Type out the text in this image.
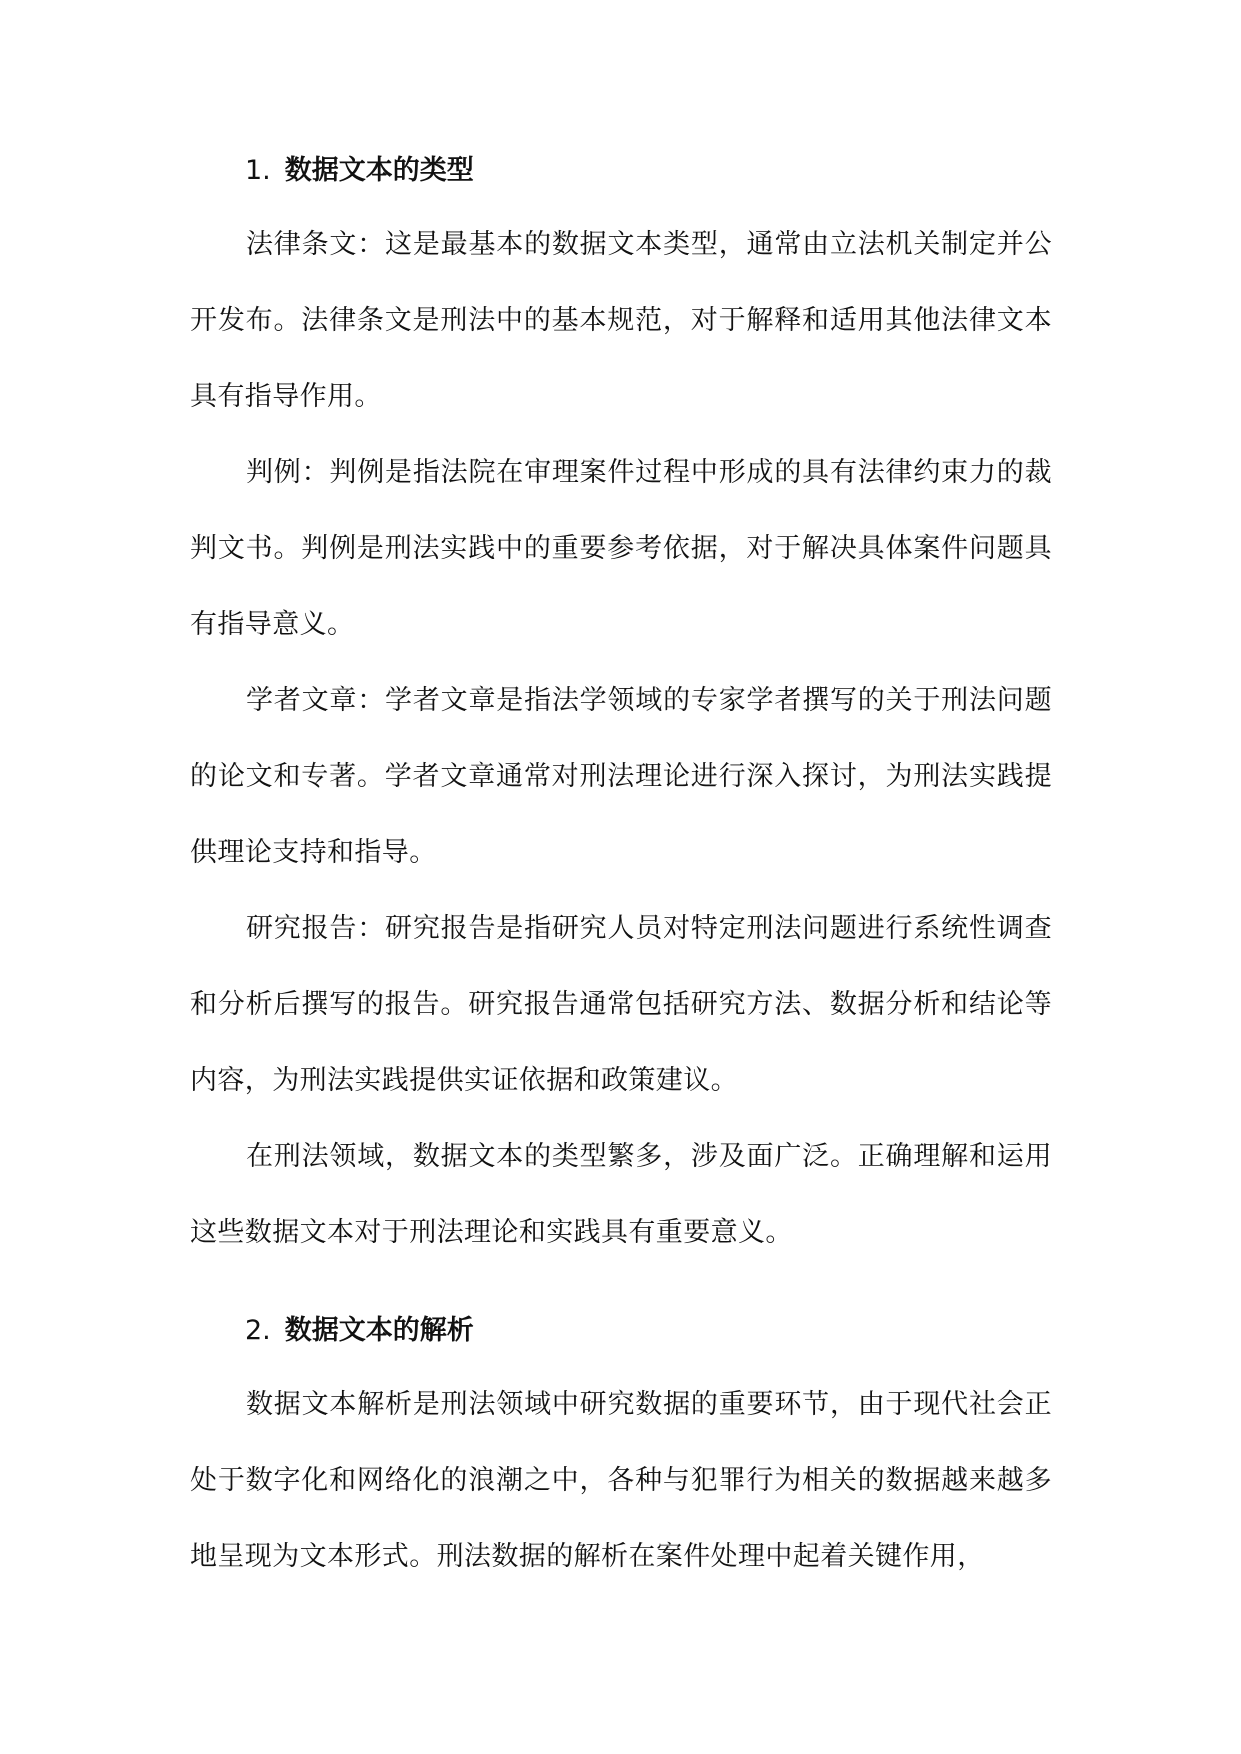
1. 数据文本的类型

法律条文：这是最基本的数据文本类型，通常由立法机关制定并公开发布。法律条文是刑法中的基本规范，对于解释和适用其他法律文本具有指导作用。

判例：判例是指法院在审理案件过程中形成的具有法律约束力的裁判文书。判例是刑法实践中的重要参考依据，对于解决具体案件问题具有指导意义。

学者文章：学者文章是指法学领域的专家学者撰写的关于刑法问题的论文和专著。学者文章通常对刑法理论进行深入探讨，为刑法实践提供理论支持和指导。

研究报告：研究报告是指研究人员对特定刑法问题进行系统性调查和分析后撰写的报告。研究报告通常包括研究方法、数据分析和结论等内容，为刑法实践提供实证依据和政策建议。

在刑法领域，数据文本的类型繁多，涉及面广泛。正确理解和运用这些数据文本对于刑法理论和实践具有重要意义。

2. 数据文本的解析

数据文本解析是刑法领域中研究数据的重要环节，由于现代社会正处于数字化和网络化的浪潮之中，各种与犯罪行为相关的数据越来越多地呈现为文本形式。刑法数据的解析在案件处理中起着关键作用，
